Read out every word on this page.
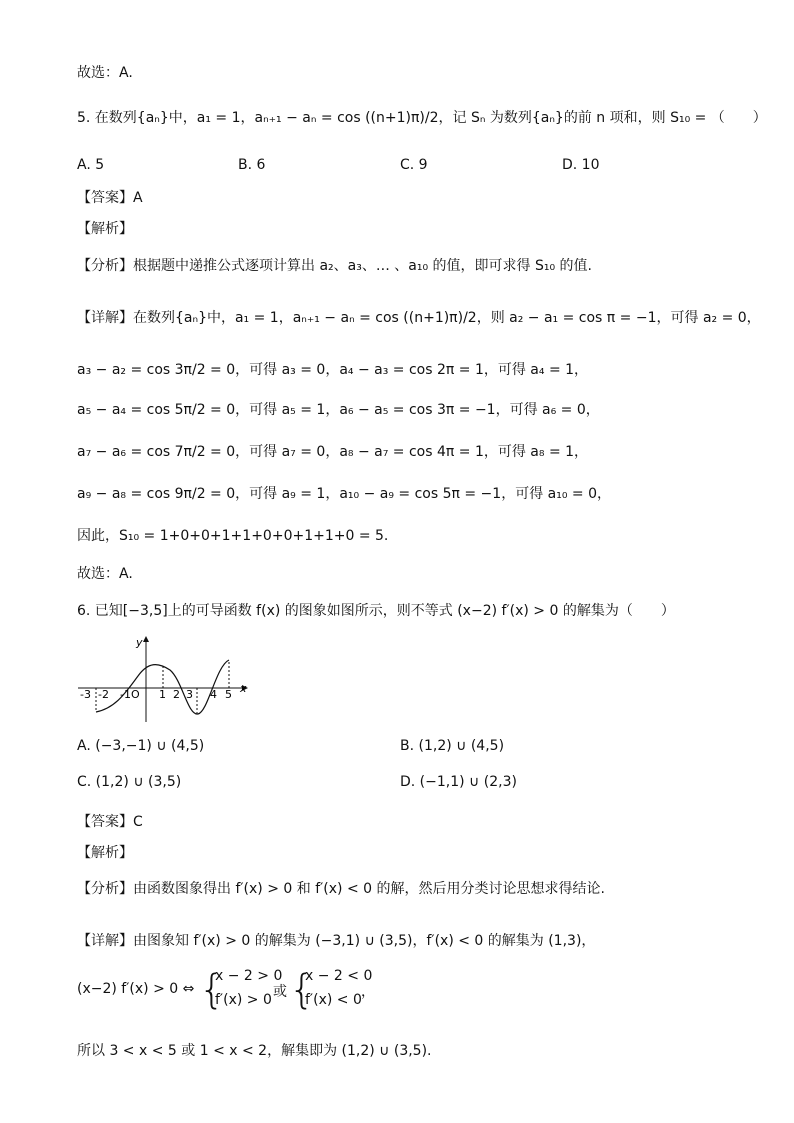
故选：A.
5. 在数列{aₙ}中，a₁ = 1，aₙ₊₁ − aₙ = cos ((n+1)π)/2，记 Sₙ 为数列{aₙ}的前 n 项和，则 S₁₀ = （　　）
A. 5	B. 6	C. 9	D. 10
【答案】A
【解析】
【分析】根据题中递推公式逐项计算出 a₂、a₃、… 、a₁₀ 的值，即可求得 S₁₀ 的值.
【详解】在数列{aₙ}中，a₁ = 1，aₙ₊₁ − aₙ = cos ((n+1)π)/2，则 a₂ − a₁ = cos π = −1，可得 a₂ = 0，
a₃ − a₂ = cos 3π/2 = 0，可得 a₃ = 0，a₄ − a₃ = cos 2π = 1，可得 a₄ = 1，
a₅ − a₄ = cos 5π/2 = 0，可得 a₅ = 1，a₆ − a₅ = cos 3π = −1，可得 a₆ = 0，
a₇ − a₆ = cos 7π/2 = 0，可得 a₇ = 0，a₈ − a₇ = cos 4π = 1，可得 a₈ = 1，
a₉ − a₈ = cos 9π/2 = 0，可得 a₉ = 1，a₁₀ − a₉ = cos 5π = −1，可得 a₁₀ = 0，
因此，S₁₀ = 1+0+0+1+1+0+0+1+1+0 = 5.
故选：A.
6. 已知[−3,5]上的可导函数 f(x) 的图象如图所示，则不等式 (x−2) f′(x) > 0 的解集为（　　）
y
x
-3 -2 -1O 1 2 3 4 5
A. (−3,−1) ∪ (4,5)	B. (1,2) ∪ (4,5)
C. (1,2) ∪ (3,5)	D. (−1,1) ∪ (2,3)
【答案】C
【解析】
【分析】由函数图象得出 f′(x) > 0 和 f′(x) < 0 的解，然后用分类讨论思想求得结论.
【详解】由图象知 f′(x) > 0 的解集为 (−3,1) ∪ (3,5)，f′(x) < 0 的解集为 (1,3)，
(x−2) f′(x) > 0 ⇔ {
x − 2 > 0
f′(x) > 0 或 {
x − 2 < 0
f′(x) < 0 ，
所以 3 < x < 5 或 1 < x < 2，解集即为 (1,2) ∪ (3,5).
